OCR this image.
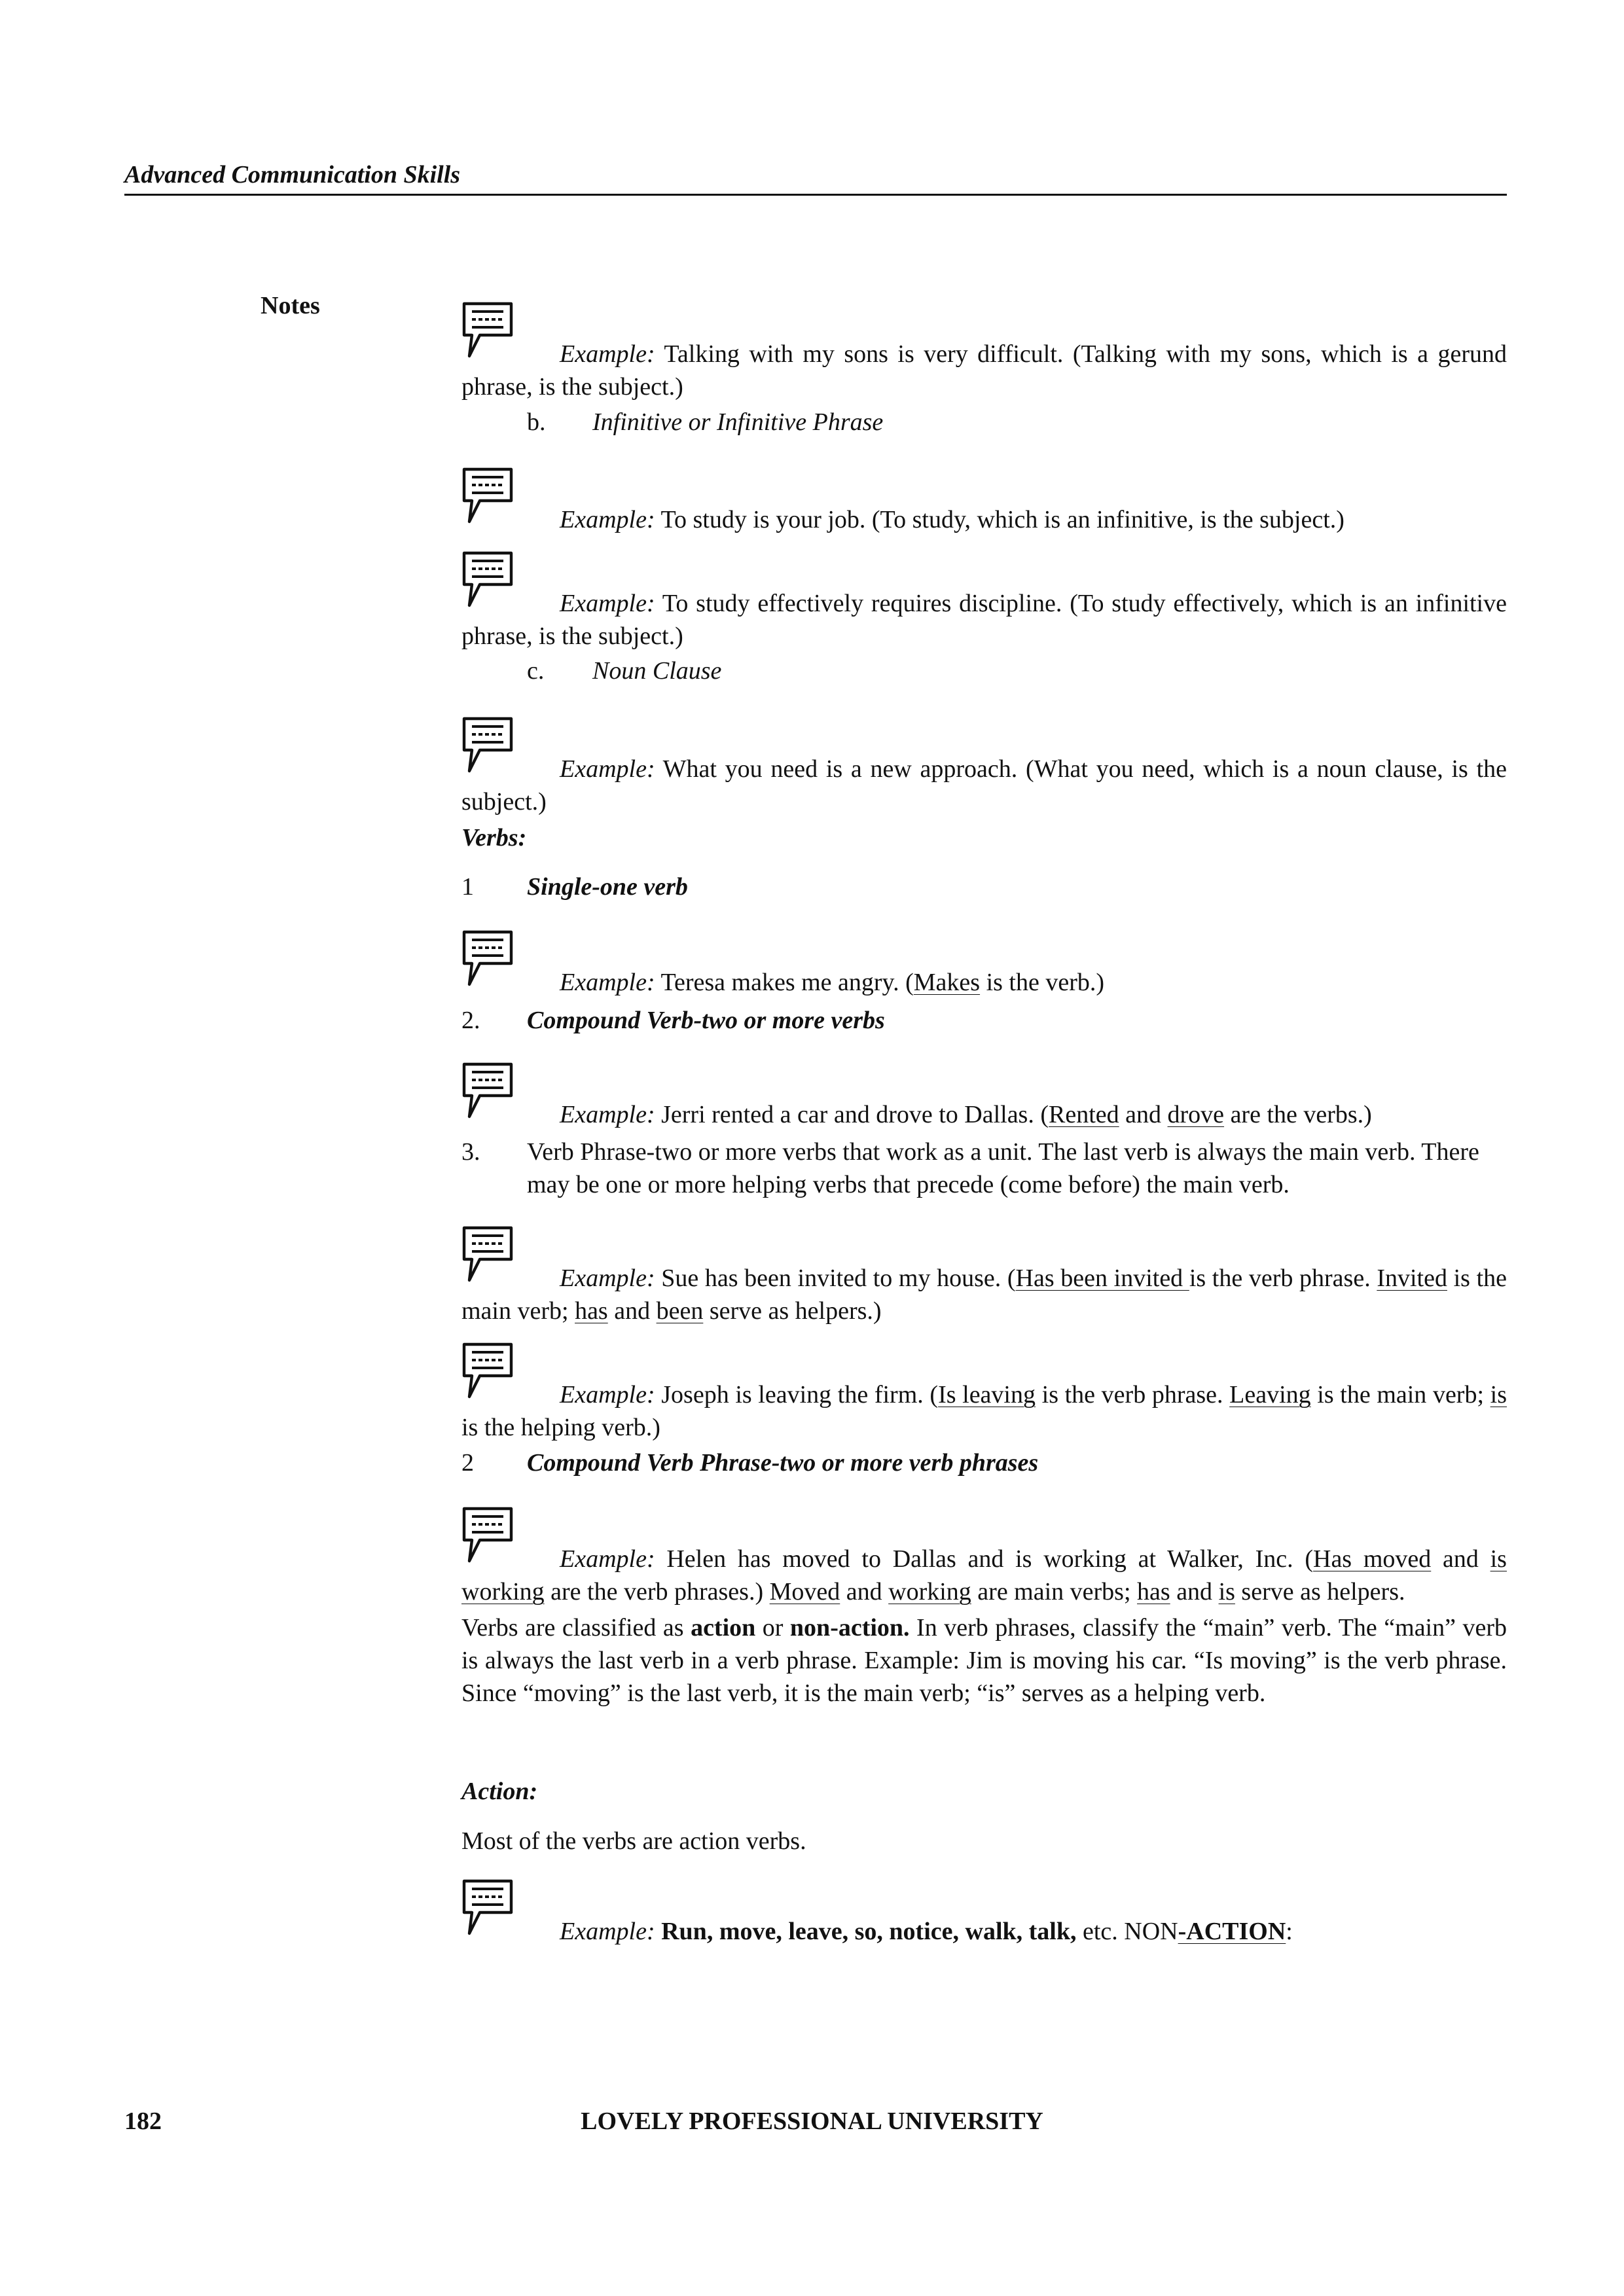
Advanced Communication Skills
Notes

Example: Talking with my sons is very difficult. (Talking with my sons, which is a gerund phrase, is the subject.)

b. Infinitive or Infinitive Phrase

Example: To study is your job. (To study, which is an infinitive, is the subject.)

Example: To study effectively requires discipline. (To study effectively, which is an infinitive phrase, is the subject.)

c. Noun Clause

Example: What you need is a new approach. (What you need, which is a noun clause, is the subject.)

Verbs:
1 Single-one verb

Example: Teresa makes me angry. (Makes is the verb.)

2. Compound Verb-two or more verbs

Example: Jerri rented a car and drove to Dallas. (Rented and drove are the verbs.)

3. Verb Phrase-two or more verbs that work as a unit. The last verb is always the main verb. There may be one or more helping verbs that precede (come before) the main verb.

Example: Sue has been invited to my house. (Has been invited is the verb phrase. Invited is the main verb; has and been serve as helpers.)

Example: Joseph is leaving the firm. (Is leaving is the verb phrase. Leaving is the main verb; is is the helping verb.)

2 Compound Verb Phrase-two or more verb phrases

Example: Helen has moved to Dallas and is working at Walker, Inc. (Has moved and is working are the verb phrases.) Moved and working are main verbs; has and is serve as helpers.

Verbs are classified as action or non-action. In verb phrases, classify the “main” verb. The “main” verb is always the last verb in a verb phrase. Example: Jim is moving his car. “Is moving” is the verb phrase. Since “moving” is the last verb, it is the main verb; “is” serves as a helping verb.

Action:

Most of the verbs are action verbs.

Example: Run, move, leave, so, notice, walk, talk, etc. NON-ACTION:

182	LOVELY PROFESSIONAL UNIVERSITY
